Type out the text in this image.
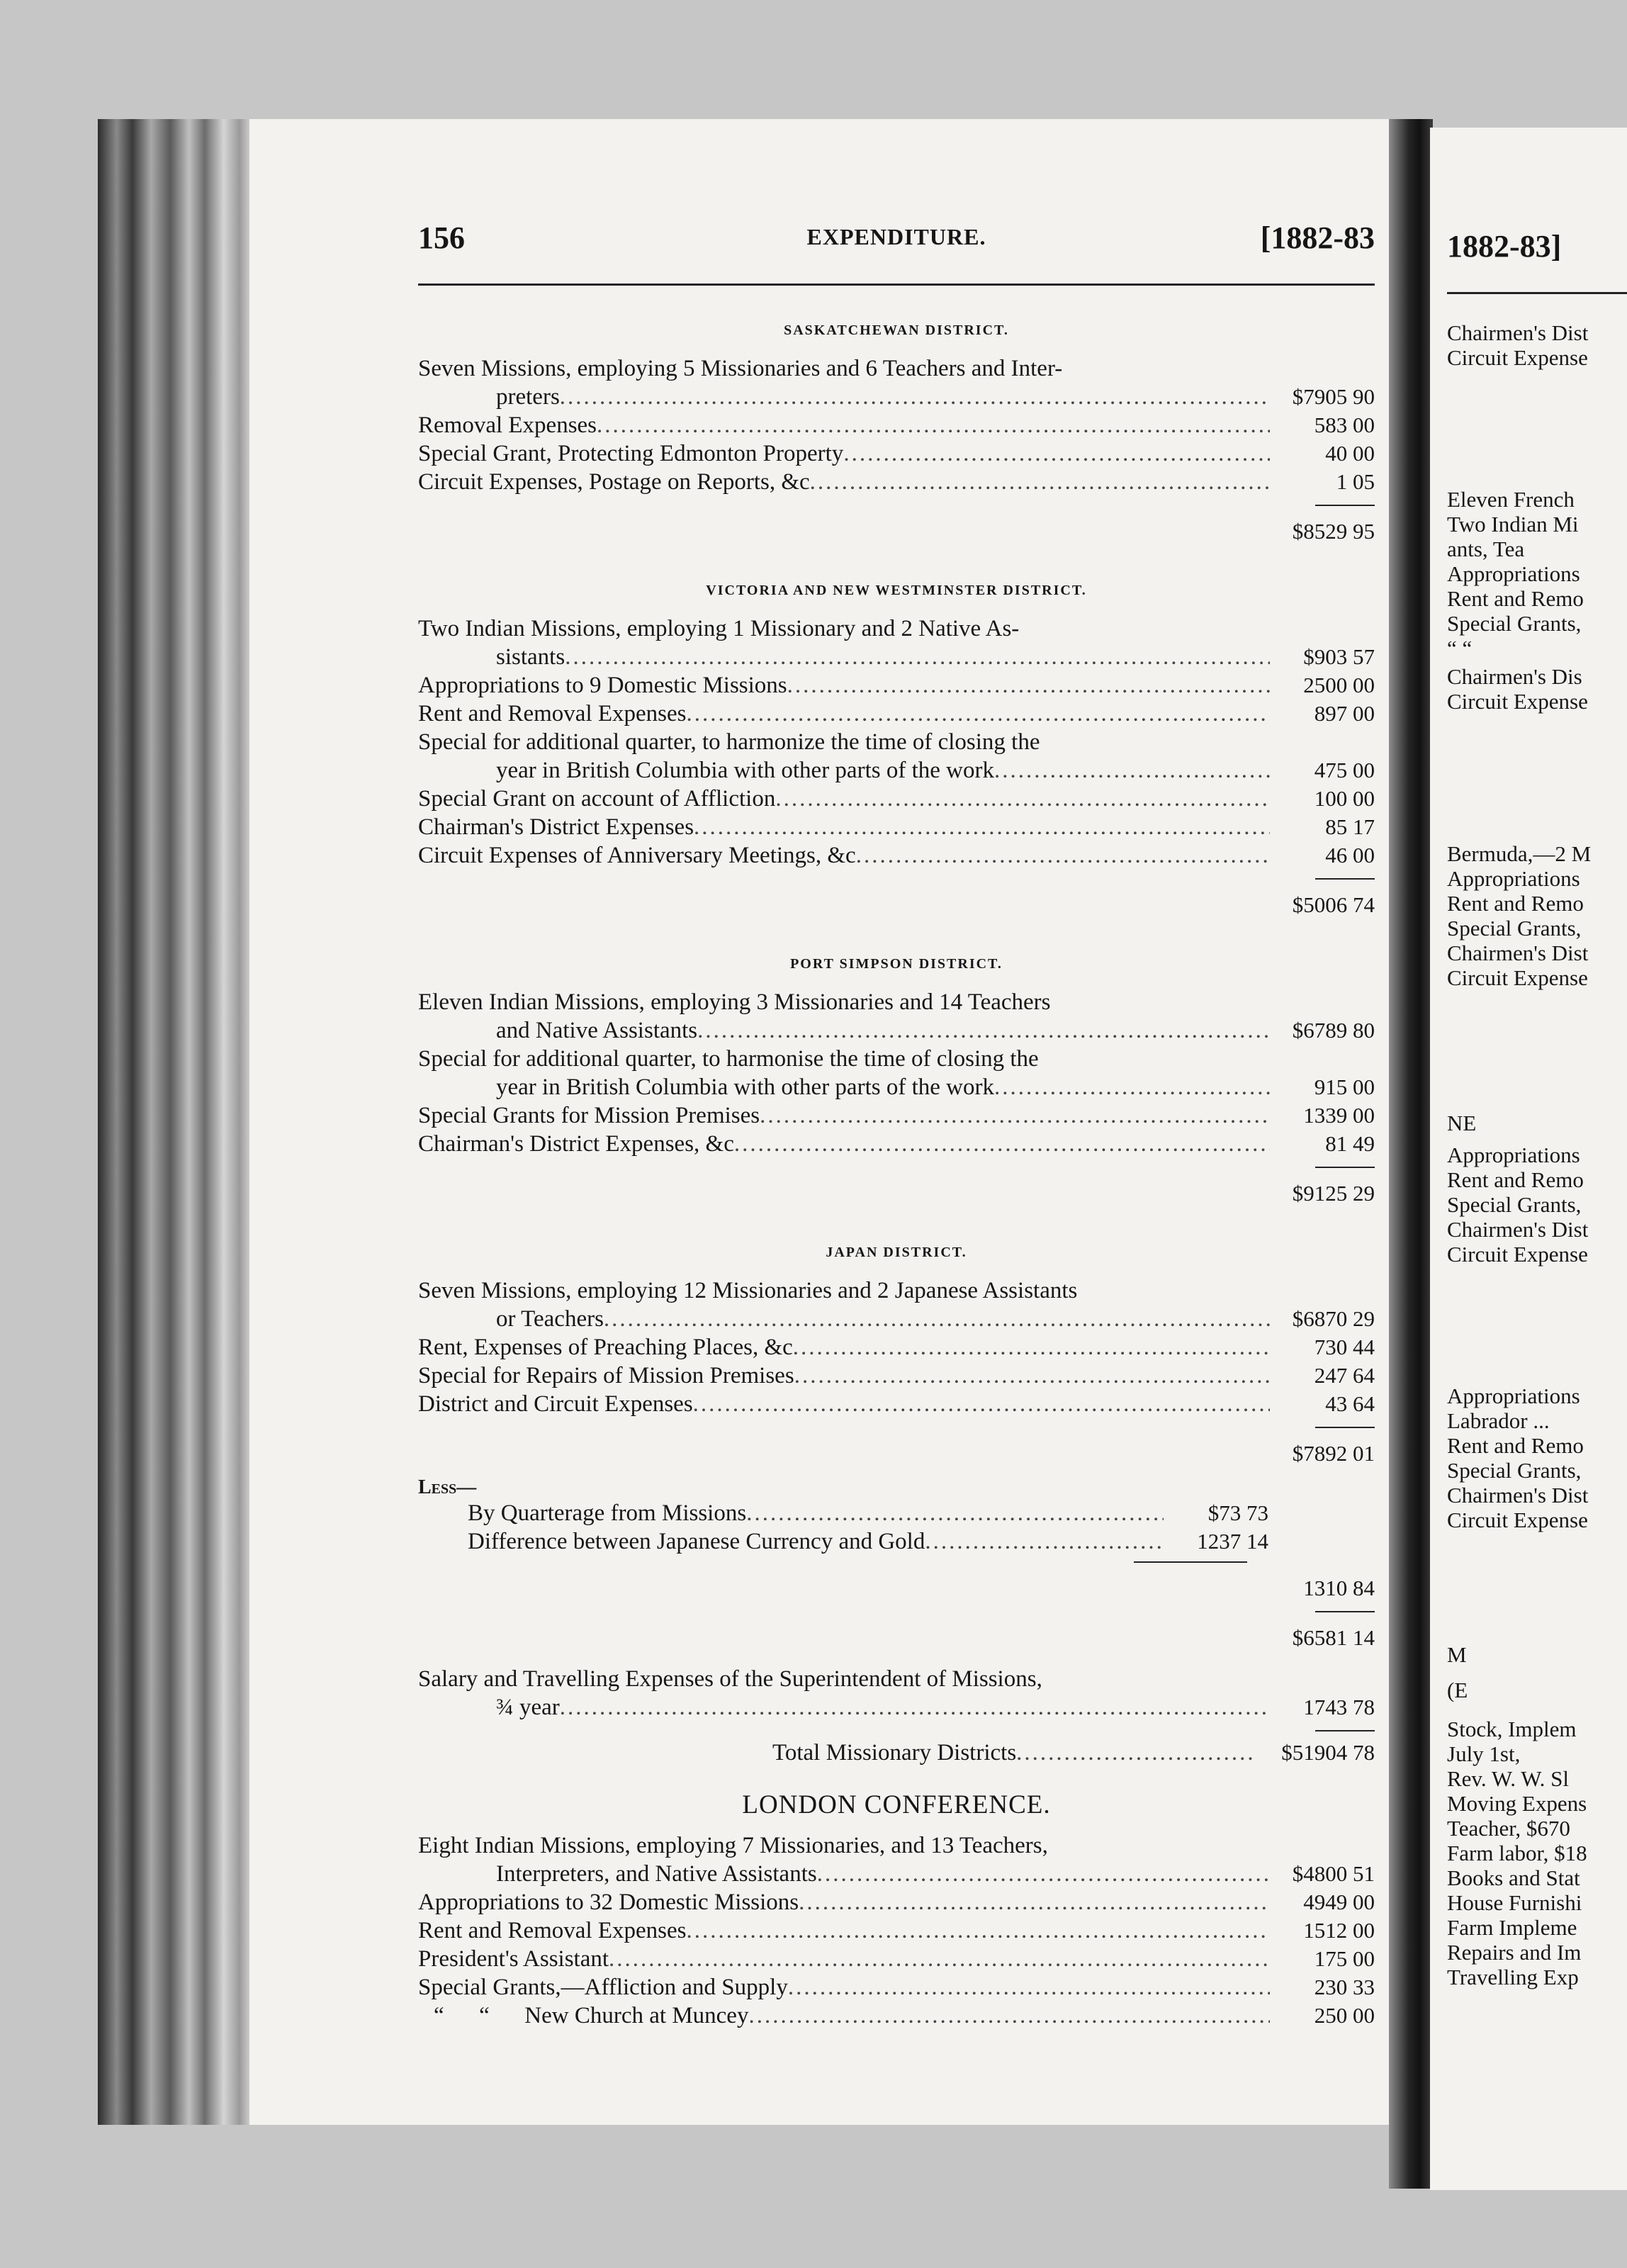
1882-83]
Chairmen's Dist
Circuit Expense
Eleven French
Two Indian Mi
ants, Tea
Appropriations
Rent and Remo
Special Grants,
“ “
Chairmen's Dis
Circuit Expense
Bermuda,—2 M
Appropriations
Rent and Remo
Special Grants,
Chairmen's Dist
Circuit Expense
NE
Appropriations
Rent and Remo
Special Grants,
Chairmen's Dist
Circuit Expense
Appropriations
Labrador ...
Rent and Remo
Special Grants,
Chairmen's Dist
Circuit Expense
M
(E
Stock, Implem
July 1st,
Rev. W. W. Sl
Moving Expens
Teacher, $670
Farm labor, $18
Books and Stat
House Furnishi
Farm Impleme
Repairs and Im
Travelling Exp
156	EXPENDITURE.	[1882-83
SASKATCHEWAN DISTRICT.
Seven Missions, employing 5 Missionaries and 6 Teachers and Inter-
preters .....	$7905 90
Removal Expenses .....	583 00
Special Grant, Protecting Edmonton Property .....	40 00
Circuit Expenses, Postage on Reports, &c .....	1 05
$8529 95
VICTORIA AND NEW WESTMINSTER DISTRICT.
Two Indian Missions, employing 1 Missionary and 2 Native As-
sistants .....	$903 57
Appropriations to 9 Domestic Missions .....	2500 00
Rent and Removal Expenses .....	897 00
Special for additional quarter, to harmonize the time of closing the
year in British Columbia with other parts of the work .....	475 00
Special Grant on account of Affliction .....	100 00
Chairman's District Expenses .....	85 17
Circuit Expenses of Anniversary Meetings, &c .....	46 00
$5006 74
PORT SIMPSON DISTRICT.
Eleven Indian Missions, employing 3 Missionaries and 14 Teachers
and Native Assistants .....	$6789 80
Special for additional quarter, to harmonise the time of closing the
year in British Columbia with other parts of the work .....	915 00
Special Grants for Mission Premises .....	1339 00
Chairman's District Expenses, &c .....	81 49
$9125 29
JAPAN DISTRICT.
Seven Missions, employing 12 Missionaries and 2 Japanese Assistants
or Teachers .....	$6870 29
Rent, Expenses of Preaching Places, &c .....	730 44
Special for Repairs of Mission Premises .....	247 64
District and Circuit Expenses .....	43 64
$7892 01
Less—
By Quarterage from Missions .....	$73 73
Difference between Japanese Currency and Gold .....	1237 14
1310 84
$6581 14
Salary and Travelling Expenses of the Superintendent of Missions,
¾ year .....	1743 78
Total Missionary Districts .....	$51904 78
LONDON CONFERENCE.
Eight Indian Missions, employing 7 Missionaries, and 13 Teachers,
Interpreters, and Native Assistants .....	$4800 51
Appropriations to 32 Domestic Missions .....	4949 00
Rent and Removal Expenses .....	1512 00
President's Assistant .....	175 00
Special Grants,—Affliction and Supply .....	230 33
“      “      New Church at Muncey .....	250 00
